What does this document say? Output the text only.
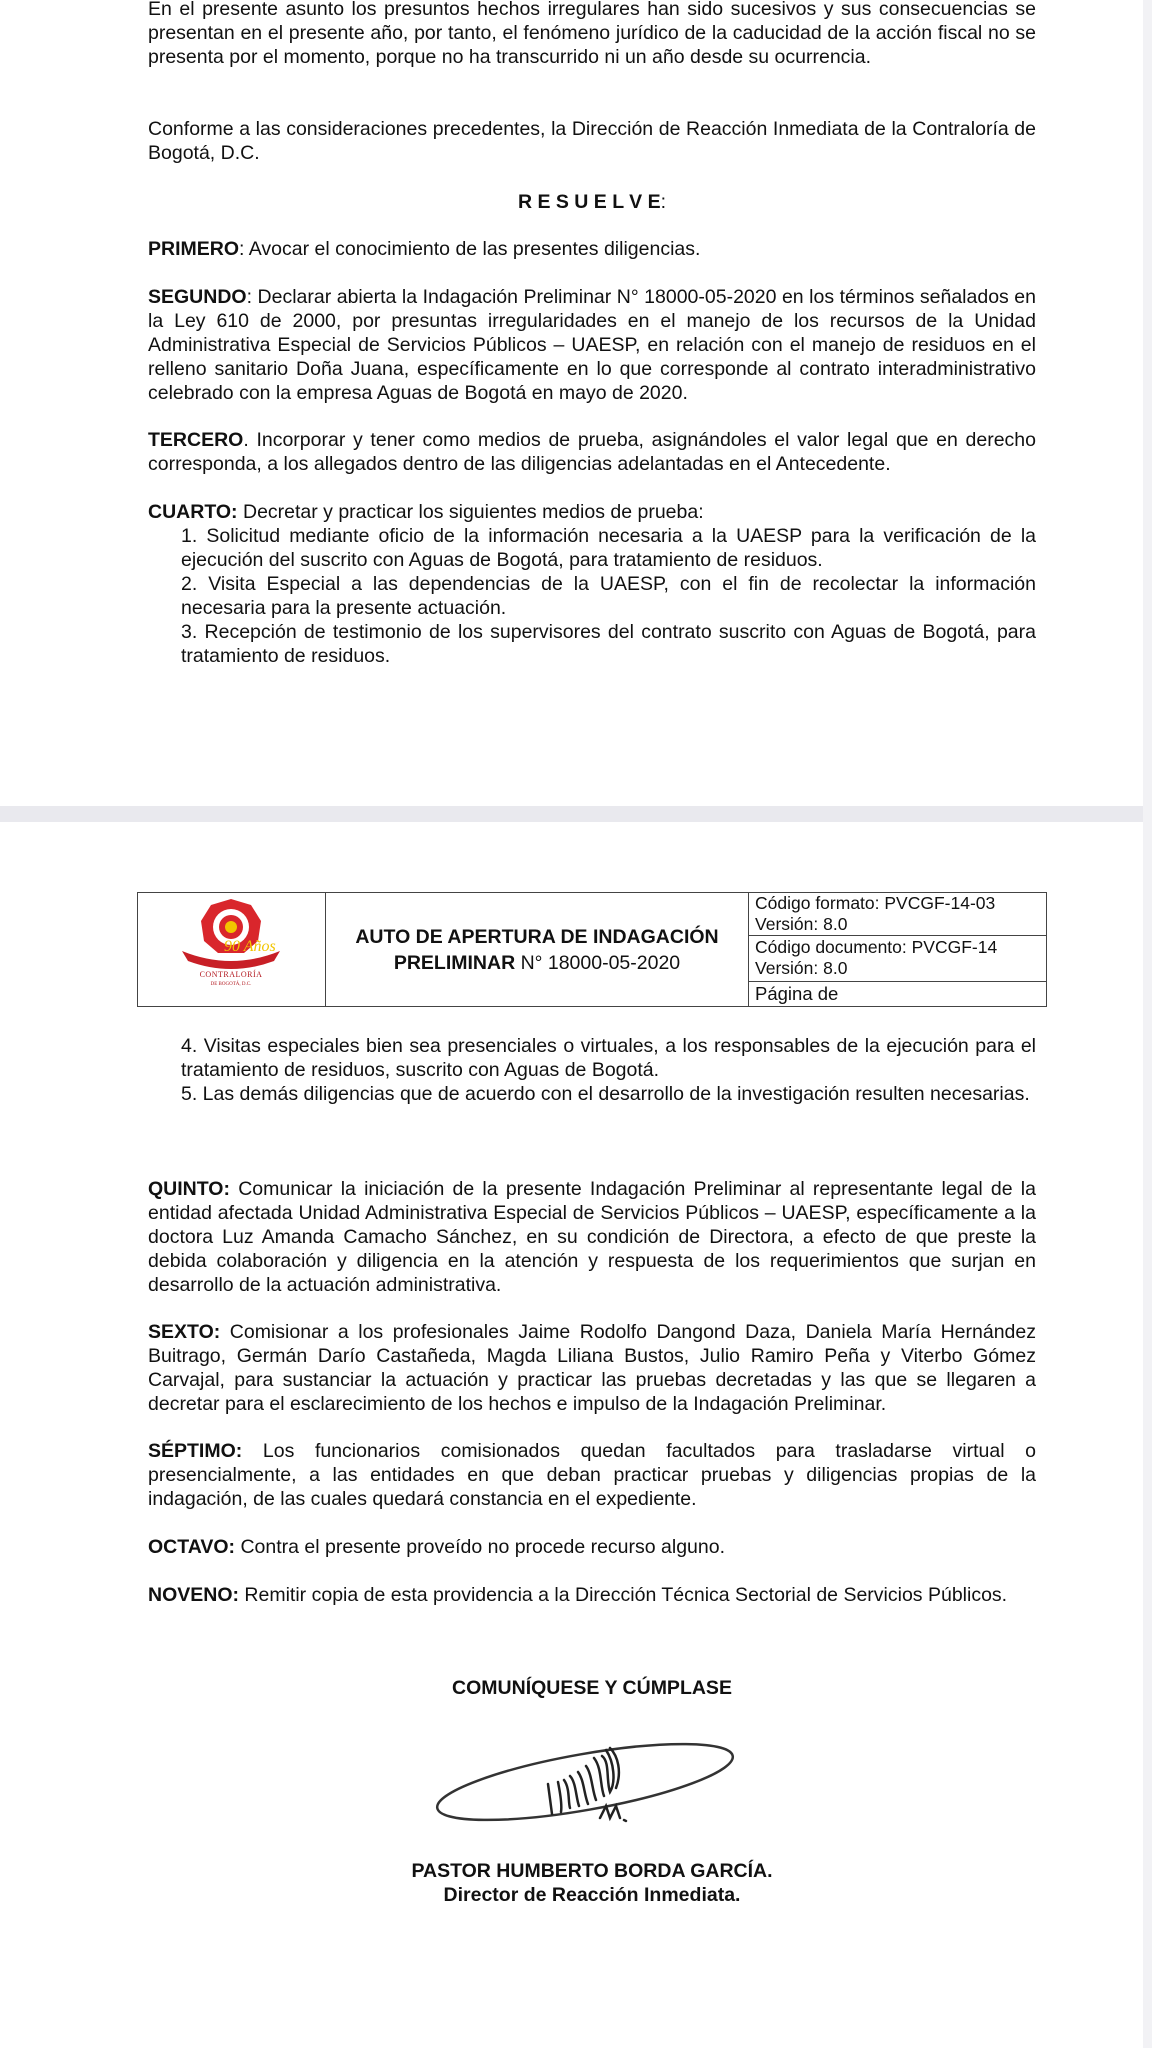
En el presente asunto los presuntos hechos irregulares han sido sucesivos y sus consecuencias se presentan en el presente año, por tanto, el fenómeno jurídico de la caducidad de la acción fiscal no se presenta por el momento, porque no ha transcurrido ni un año desde su ocurrencia.

Conforme a las consideraciones precedentes, la Dirección de Reacción Inmediata de la Contraloría de Bogotá, D.C.

R E S U E L V E:

PRIMERO: Avocar el conocimiento de las presentes diligencias.

SEGUNDO: Declarar abierta la Indagación Preliminar N° 18000-05-2020 en los términos señalados en la Ley 610 de 2000, por presuntas irregularidades en el manejo de los recursos de la Unidad Administrativa Especial de Servicios Públicos – UAESP, en relación con el manejo de residuos en el relleno sanitario Doña Juana, específicamente en lo que corresponde al contrato interadministrativo celebrado con la empresa Aguas de Bogotá en mayo de 2020.

TERCERO. Incorporar y tener como medios de prueba, asignándoles el valor legal que en derecho corresponda, a los allegados dentro de las diligencias adelantadas en el Antecedente.

CUARTO: Decretar y practicar los siguientes medios de prueba:

1. Solicitud mediante oficio de la información necesaria a la UAESP para la verificación de la ejecución del suscrito con Aguas de Bogotá, para tratamiento de residuos.

2. Visita Especial a las dependencias de la UAESP, con el fin de recolectar la información necesaria para la presente actuación.

3. Recepción de testimonio de los supervisores del contrato suscrito con Aguas de Bogotá, para tratamiento de residuos.

90 Años
CONTRALORÍA
DE BOGOTÁ, D.C.
AUTO DE APERTURA DE INDAGACIÓN
PRELIMINAR N° 18000-05-2020
Código formato: PVCGF-14-03
Versión: 8.0
Código documento: PVCGF-14
Versión: 8.0
Página de

4. Visitas especiales bien sea presenciales o virtuales, a los responsables de la ejecución para el tratamiento de residuos, suscrito con Aguas de Bogotá.

5. Las demás diligencias que de acuerdo con el desarrollo de la investigación resulten necesarias.

QUINTO: Comunicar la iniciación de la presente Indagación Preliminar al representante legal de la entidad afectada Unidad Administrativa Especial de Servicios Públicos – UAESP, específicamente a la doctora Luz Amanda Camacho Sánchez, en su condición de Directora, a efecto de que preste la debida colaboración y diligencia en la atención y respuesta de los requerimientos que surjan en desarrollo de la actuación administrativa.

SEXTO: Comisionar a los profesionales Jaime Rodolfo Dangond Daza, Daniela María Hernández Buitrago, Germán Darío Castañeda, Magda Liliana Bustos, Julio Ramiro Peña y Viterbo Gómez Carvajal, para sustanciar la actuación y practicar las pruebas decretadas y las que se llegaren a decretar para el esclarecimiento de los hechos e impulso de la Indagación Preliminar.

SÉPTIMO: Los funcionarios comisionados quedan facultados para trasladarse virtual o presencialmente, a las entidades en que deban practicar pruebas y diligencias propias de la indagación, de las cuales quedará constancia en el expediente.

OCTAVO: Contra el presente proveído no procede recurso alguno.

NOVENO: Remitir copia de esta providencia a la Dirección Técnica Sectorial de Servicios Públicos.

COMUNÍQUESE Y CÚMPLASE

PASTOR HUMBERTO BORDA GARCÍA.

Director de Reacción Inmediata.
